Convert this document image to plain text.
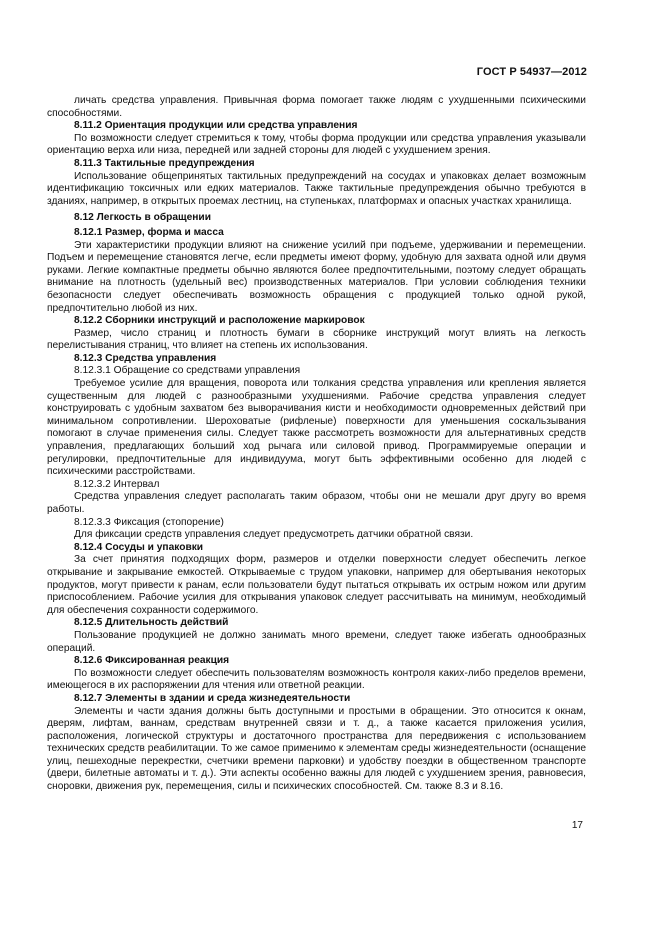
ГОСТ Р 54937—2012

личать средства управления. Привычная форма помогает также людям с ухудшенными психическими способностями.

8.11.2 Ориентация продукции или средства управления

По возможности следует стремиться к тому, чтобы форма продукции или средства управления указывали ориентацию верха или низа, передней или задней стороны для людей с ухудшением зрения.

8.11.3 Тактильные предупреждения

Использование общепринятых тактильных предупреждений на сосудах и упаковках делает возможным идентификацию токсичных или едких материалов. Также тактильные предупреждения обычно требуются в зданиях, например, в открытых проемах лестниц, на ступеньках, платформах и опасных участках хранилища.

8.12 Легкость в обращении
8.12.1 Размер, форма и масса

Эти характеристики продукции влияют на снижение усилий при подъеме, удерживании и перемещении. Подъем и перемещение становятся легче, если предметы имеют форму, удобную для захвата одной или двумя руками. Легкие компактные предметы обычно являются более предпочтительными, поэтому следует обращать внимание на плотность (удельный вес) производственных материалов. При условии соблюдения техники безопасности следует обеспечивать возможность обращения с продукцией только одной рукой, предпочтительно любой из них.

8.12.2 Сборники инструкций и расположение маркировок

Размер, число страниц и плотность бумаги в сборнике инструкций могут влиять на легкость перелистывания страниц, что влияет на степень их использования.

8.12.3 Средства управления

8.12.3.1 Обращение со средствами управления

Требуемое усилие для вращения, поворота или толкания средства управления или крепления является существенным для людей с разнообразными ухудшениями. Рабочие средства управления следует конструировать с удобным захватом без выворачивания кисти и необходимости одновременных действий при минимальном сопротивлении. Шероховатые (рифленые) поверхности для уменьшения соскальзывания помогают в случае применения силы. Следует также рассмотреть возможности для альтернативных средств управления, предлагающих больший ход рычага или силовой привод. Программируемые операции и регулировки, предпочтительные для индивидуума, могут быть эффективными особенно для людей с психическими расстройствами.

8.12.3.2 Интервал

Средства управления следует располагать таким образом, чтобы они не мешали друг другу во время работы.

8.12.3.3 Фиксация (стопорение)

Для фиксации средств управления следует предусмотреть датчики обратной связи.

8.12.4 Сосуды и упаковки

За счет принятия подходящих форм, размеров и отделки поверхности следует обеспечить легкое открывание и закрывание емкостей. Открываемые с трудом упаковки, например для обертывания некоторых продуктов, могут привести к ранам, если пользователи будут пытаться открывать их острым ножом или другим приспособлением. Рабочие усилия для открывания упаковок следует рассчитывать на минимум, необходимый для обеспечения сохранности содержимого.

8.12.5 Длительность действий

Пользование продукцией не должно занимать много времени, следует также избегать однообразных операций.

8.12.6 Фиксированная реакция

По возможности следует обеспечить пользователям возможность контроля каких-либо пределов времени, имеющегося в их распоряжении для чтения или ответной реакции.

8.12.7 Элементы в здании и среда жизнедеятельности

Элементы и части здания должны быть доступными и простыми в обращении. Это относится к окнам, дверям, лифтам, ваннам, средствам внутренней связи и т. д., а также касается приложения усилия, расположения, логической структуры и достаточного пространства для передвижения с использованием технических средств реабилитации. То же самое применимо к элементам среды жизнедеятельности (оснащение улиц, пешеходные перекрестки, счетчики времени парковки) и удобству поездки в общественном транспорте (двери, билетные автоматы и т. д.). Эти аспекты особенно важны для людей с ухудшением зрения, равновесия, сноровки, движения рук, перемещения, силы и психических способностей. См. также 8.3 и 8.16.

17
